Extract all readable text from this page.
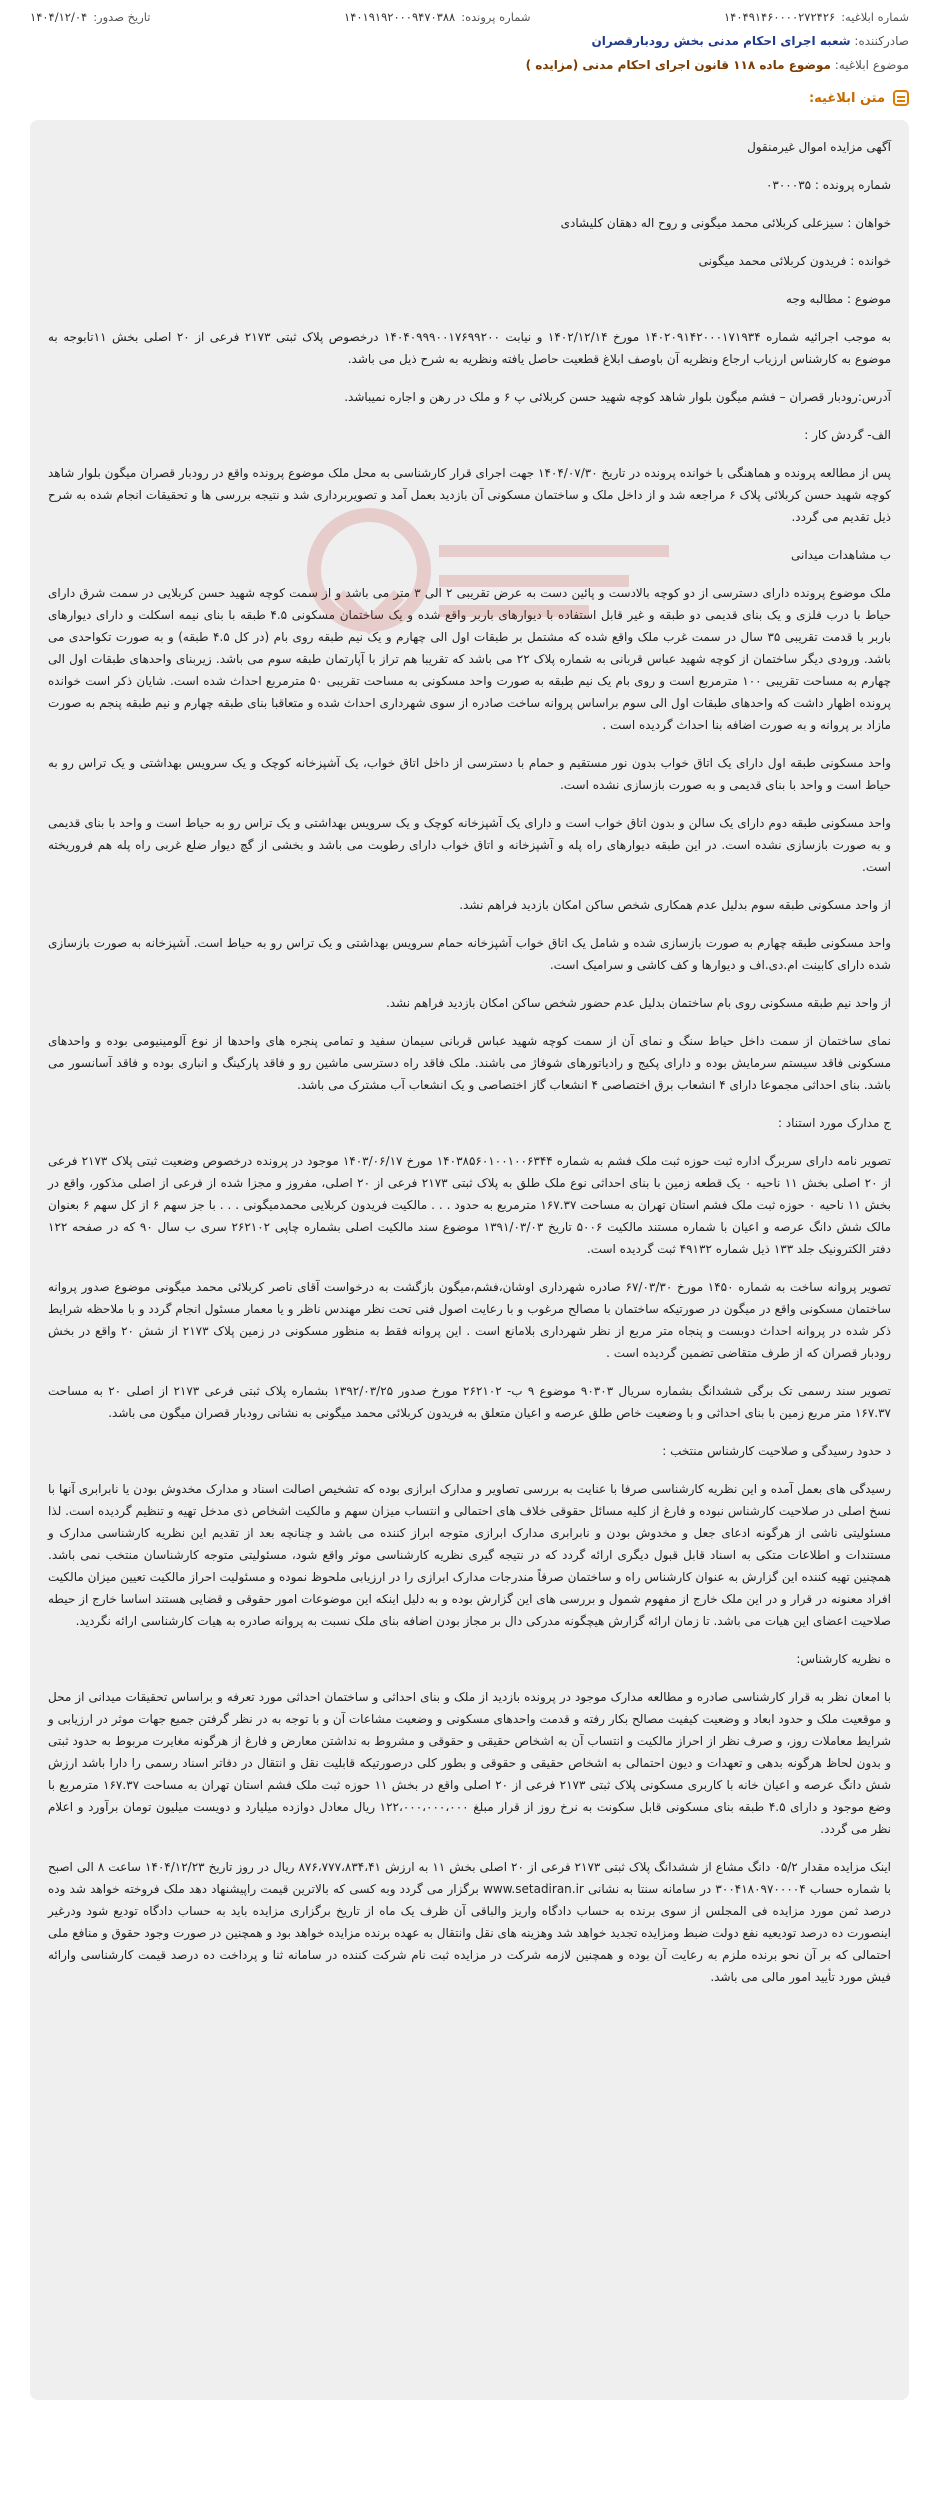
شماره ابلاغیه:
۱۴۰۴۹۱۴۶۰۰۰۰۲۷۲۴۲۶
شماره پرونده:
۱۴۰۱۹۱۹۲۰۰۰۹۴۷۰۳۸۸
تاریخ صدور:
۱۴۰۴/۱۲/۰۴
صادرکننده: شعبه اجرای احکام مدنی بخش رودبارقصران
موضوع ابلاغیه: موضوع ماده ۱۱۸ قانون اجرای احکام مدنی (مزایده )
متن ابلاغیه:

آگهی مزایده اموال غیرمنقول

شماره پرونده : ۰۳۰۰۰۳۵

خواهان : سیزعلی کربلائی محمد میگونی و روح اله دهقان کلیشادی

خوانده : فریدون کربلائی محمد میگونی

موضوع : مطالبه وجه

به موجب اجرائیه شماره ۱۴۰۲۰۹۱۴۲۰۰۰۱۷۱۹۳۴ مورخ ۱۴۰۲/۱۲/۱۴ و نیابت ۱۴۰۴۰۹۹۹۰۰۱۷۶۹۹۲۰۰ درخصوص پلاک ثبتی ۲۱۷۳ فرعی از ۲۰ اصلی بخش ۱۱تابوجه به موضوع به کارشناس ارزیاب ارجاع ونظریه آن باوصف ابلاغ قطعیت حاصل یافته ونظریه به شرح ذیل می باشد.

آدرس:رودبار قصران – فشم میگون بلوار شاهد کوچه شهید حسن کربلائی پ ۶ و ملک در رهن و اجاره نمیباشد.

الف- گردش کار :

پس از مطالعه پرونده و هماهنگی با خوانده پرونده در تاریخ ۱۴۰۴/۰۷/۳۰ جهت اجرای قرار کارشناسی به محل ملک موضوع پرونده واقع در رودبار قصران میگون بلوار شاهد کوچه شهید حسن کربلائی پلاک ۶ مراجعه شد و از داخل ملک و ساختمان مسکونی آن بازدید بعمل آمد و تصویربرداری شد و نتیجه بررسی ها و تحقیقات انجام شده به شرح ذیل تقدیم می گردد.

ب مشاهدات میدانی

ملک موضوع پرونده دارای دسترسی از دو کوچه بالادست و پائین دست به عرض تقریبی ۲ الی ۳ متر می باشد و از سمت کوچه شهید حسن کربلایی در سمت شرق دارای حیاط با درب فلزی و یک بنای قدیمی دو طبقه و غیر قابل استفاده با دیوارهای باربر واقع شده و یک ساختمان مسکونی ۴.۵ طبقه با بنای نیمه اسکلت و دارای دیوارهای باربر با قدمت تقریبی ۳۵ سال در سمت غرب ملک واقع شده که مشتمل بر طبقات اول الی چهارم و یک نیم طبقه روی بام (در کل ۴.۵ طبقه) و به صورت تکواحدی می باشد. ورودی دیگر ساختمان از کوچه شهید عباس قربانی به شماره پلاک ۲۲ می باشد که تقریبا هم تراز با آپارتمان طبقه سوم می باشد. زیربنای واحدهای طبقات اول الی چهارم به مساحت تقریبی ۱۰۰ مترمربع است و روی بام یک نیم طبقه به صورت واحد مسکونی به مساحت تقریبی ۵۰ مترمربع احداث شده است. شایان ذکر است خوانده پرونده اظهار داشت که واحدهای طبقات اول الی سوم براساس پروانه ساخت صادره از سوی شهرداری احداث شده و متعاقبا بنای طبقه چهارم و نیم طبقه پنجم به صورت مازاد بر پروانه و به صورت اضافه بنا احداث گردیده است .

واحد مسکونی طبقه اول دارای یک اتاق خواب بدون نور مستقیم و حمام با دسترسی از داخل اتاق خواب، یک آشپزخانه کوچک و یک سرویس بهداشتی و یک تراس رو به حیاط است و واحد با بنای قدیمی و به صورت بازسازی نشده است.

واحد مسکونی طبقه دوم دارای یک سالن و بدون اتاق خواب است و دارای یک آشپزخانه کوچک و یک سرویس بهداشتی و یک تراس رو به حیاط است و واحد با بنای قدیمی و به صورت بازسازی نشده است. در این طبقه دیوارهای راه پله و آشپزخانه و اتاق خواب دارای رطوبت می باشد و بخشی از گچ دیوار ضلع غربی راه پله هم فروریخته است.

از واحد مسکونی طبقه سوم بدلیل عدم همکاری شخص ساکن امکان بازدید فراهم نشد.

واحد مسکونی طبقه چهارم به صورت بازسازی شده و شامل یک اتاق خواب آشپزخانه حمام سرویس بهداشتی و یک تراس رو به حیاط است. آشپزخانه به صورت بازسازی شده دارای کابینت ام.دی.اف و دیوارها و کف کاشی و سرامیک است.

از واحد نیم طبقه مسکونی روی بام ساختمان بدلیل عدم حضور شخص ساکن امکان بازدید فراهم نشد.

نمای ساختمان از سمت داخل حیاط سنگ و نمای آن از سمت کوچه شهید عباس قربانی سیمان سفید و تمامی پنجره های واحدها از نوع آلومینیومی بوده و واحدهای مسکونی فاقد سیستم سرمایش بوده و دارای پکیج و رادیاتورهای شوفاژ می باشند. ملک فاقد راه دسترسی ماشین رو و فاقد پارکینگ و انباری بوده و فاقد آسانسور می باشد. بنای احداثی مجموعا دارای ۴ انشعاب برق اختصاصی ۴ انشعاب گاز اختصاصی و یک انشعاب آب مشترک می باشد.

ج مدارک مورد استناد :

تصویر نامه دارای سربرگ اداره ثبت حوزه ثبت ملک فشم به شماره ۱۴۰۳۸۵۶۰۱۰۰۱۰۰۶۳۴۴ مورخ ۱۴۰۳/۰۶/۱۷ موجود در پرونده درخصوص وضعیت ثبتی پلاک ۲۱۷۳ فرعی از ۲۰ اصلی بخش ۱۱ ناحیه ۰ یک قطعه زمین با بنای احداثی نوع ملک طلق به پلاک ثبتی ۲۱۷۳ فرعی از ۲۰ اصلی، مفروز و مجزا شده از فرعی از اصلی مذکور، واقع در بخش ۱۱ ناحیه ۰ حوزه ثبت ملک فشم استان تهران به مساحت ۱۶۷.۳۷ مترمربع به حدود . . . مالکیت فریدون کربلایی محمدمیگونی . . . با جز سهم ۶ از کل سهم ۶ بعنوان مالک شش دانگ عرصه و اعیان با شماره مستند مالکیت ۵۰۰۶ تاریخ ۱۳۹۱/۰۳/۰۳ موضوع سند مالکیت اصلی بشماره چاپی ۲۶۲۱۰۲ سری ب سال ۹۰ که در صفحه ۱۲۲ دفتر الکترونیک جلد ۱۳۳ ذیل شماره ۴۹۱۳۲ ثبت گردیده است.

تصویر پروانه ساخت به شماره ۱۴۵۰ مورخ ۶۷/۰۳/۳۰ صادره شهرداری اوشان،فشم،میگون بازگشت به درخواست آقای ناصر کربلائی محمد میگونی موضوع صدور پروانه ساختمان مسکونی واقع در میگون در صورتیکه ساختمان با مصالح مرغوب و با رعایت اصول فنی تحت نظر مهندس ناظر و یا معمار مسئول انجام گردد و با ملاحظه شرایط ذکر شده در پروانه احداث دوبست و پنجاه متر مربع از نظر شهرداری بلامانع است . این پروانه فقط به منظور مسکونی در زمین پلاک ۲۱۷۳ از شش ۲۰ واقع در بخش رودبار قصران که از طرف متقاضی تضمین گردیده است .

تصویر سند رسمی تک برگی ششدانگ بشماره سریال ۹۰۳۰۳ موضوع ۹ ب- ۲۶۲۱۰۲ مورخ صدور ۱۳۹۲/۰۳/۲۵ بشماره پلاک ثبتی فرعی ۲۱۷۳ از اصلی ۲۰ به مساحت ۱۶۷.۳۷ متر مربع زمین با بنای احداثی و با وضعیت خاص طلق عرصه و اعیان متعلق به فریدون کربلائی محمد میگونی به نشانی رودبار قصران میگون می باشد.

د حدود رسیدگی و صلاحیت کارشناس منتخب :

رسیدگی های بعمل آمده و این نظریه کارشناسی صرفا با عنایت به بررسی تصاویر و مدارک ابرازی بوده که تشخیص اصالت اسناد و مدارک مخدوش بودن یا نابرابری آنها با نسخ اصلی در صلاحیت کارشناس نبوده و فارغ از کلیه مسائل حقوقی خلاف های احتمالی و انتساب میزان سهم و مالکیت اشخاص ذی مدخل تهیه و تنظیم گردیده است. لذا مسئولیتی ناشی از هرگونه ادعای جعل و مخدوش بودن و نابرابری مدارک ابرازی متوجه ابراز کننده می باشد و چنانچه بعد از تقدیم این نظریه کارشناسی مدارک و مستندات و اطلاعات متکی به اسناد قابل قبول دیگری ارائه گردد که در نتیجه گیری نظریه کارشناسی موثر واقع شود، مسئولیتی متوجه کارشناسان منتخب نمی باشد. همچنین تهیه کننده این گزارش به عنوان کارشناس راه و ساختمان صرفاً مندرجات مدارک ابرازی را در ارزیابی ملحوظ نموده و مسئولیت احراز مالکیت تعیین میزان مالکیت افراد معنونه در قرار و در این ملک خارج از مفهوم شمول و بررسی های این گزارش بوده و به دلیل اینکه این موضوعات امور حقوقی و قضایی هستند اساسا خارج از حیطه صلاحیت اعضای این هیات می باشد. تا زمان ارائه گزارش هیچگونه مدرکی دال بر مجاز بودن اضافه بنای ملک نسبت به پروانه صادره به هیات کارشناسی ارائه نگردید.

ه نظریه کارشناس:

با امعان نظر به قرار کارشناسی صادره و مطالعه مدارک موجود در پرونده بازدید از ملک و بنای احداثی و ساختمان احداثی مورد تعرفه و براساس تحقیقات میدانی از محل و موقعیت ملک و حدود ابعاد و وضعیت کیفیت مصالح بکار رفته و قدمت واحدهای مسکونی و وضعیت مشاعات آن و با توجه به در نظر گرفتن جمیع جهات موثر در ارزیابی و شرایط معاملات روز، و صرف نظر از احراز مالکیت و انتساب آن به اشخاص حقیقی و حقوقی و مشروط به نداشتن معارض و فارغ از هرگونه مغایرت مربوط به حدود ثبتی و بدون لحاظ هرگونه بدهی و تعهدات و دیون احتمالی به اشخاص حقیقی و حقوقی و بطور کلی درصورتیکه قابلیت نقل و انتقال در دفاتر اسناد رسمی را دارا باشد ارزش شش دانگ عرصه و اعیان خانه با کاربری مسکونی پلاک ثبتی ۲۱۷۳ فرعی از ۲۰ اصلی واقع در بخش ۱۱ حوزه ثبت ملک فشم استان تهران به مساحت ۱۶۷.۳۷ مترمربع با وضع موجود و دارای ۴.۵ طبقه بنای مسکونی قابل سکونت به نرخ روز از قرار مبلغ ۱۲۲،۰۰۰،۰۰۰،۰۰۰ ریال معادل دوازده میلیارد و دویست میلیون تومان برآورد و اعلام نظر می گردد.

اینک مزایده مقدار ۰۵/۲ دانگ مشاع از ششدانگ پلاک ثبتی ۲۱۷۳ فرعی از ۲۰ اصلی بخش ۱۱ به ارزش ۸۷۶،۷۷۷،۸۳۴،۴۱ ریال در روز تاریخ ۱۴۰۴/۱۲/۲۳ ساعت ۸ الی اصبح با شماره حساب ۳۰۰۴۱۸۰۹۷۰۰۰۰۴ در سامانه سنتا به نشانی www.setadiran.ir برگزار می گردد وبه کسی که بالاترین قیمت راپیشنهاد دهد ملک فروخته خواهد شد وده درصد ثمن مورد مزایده فی المجلس از سوی برنده به حساب دادگاه واریز والباقی آن ظرف یک ماه از تاریخ برگزاری مزایده باید به حساب دادگاه تودیع شود ودرغیر اینصورت ده درصد تودیعیه نفع دولت ضبط ومزایده تجدید خواهد شد وهزینه های نقل وانتقال به عهده برنده مزایده خواهد بود و همچنین در صورت وجود حقوق و منافع ملی احتمالی که بر آن نحو برنده ملزم به رعایت آن بوده و همچنین لازمه شرکت در مزایده ثبت نام شرکت کننده در سامانه ثنا و پرداخت ده درصد قیمت کارشناسی وارائه فیش مورد تأیید امور مالی می باشد.
